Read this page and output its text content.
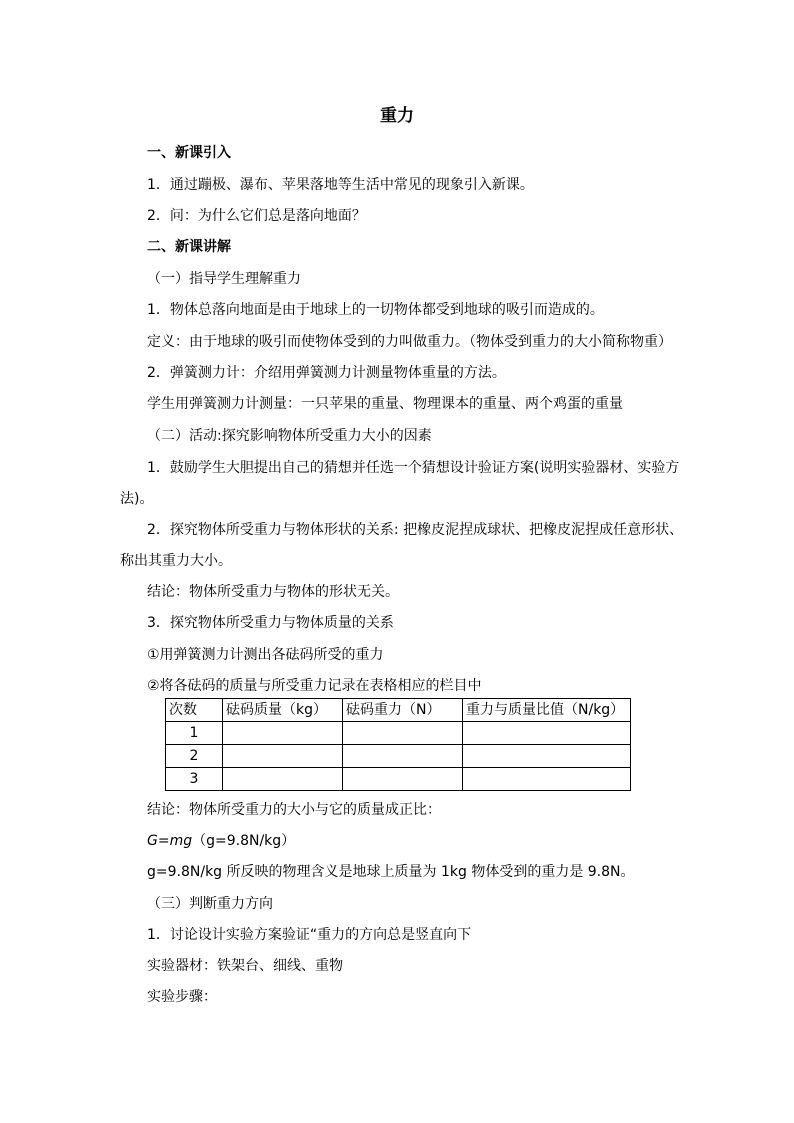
重力
一、新课引入
1．通过蹦极、瀑布、苹果落地等生活中常见的现象引入新课。
2．问：为什么它们总是落向地面？
二、新课讲解
（一）指导学生理解重力
1．物体总落向地面是由于地球上的一切物体都受到地球的吸引而造成的。
定义：由于地球的吸引而使物体受到的力叫做重力。（物体受到重力的大小简称物重）
2．弹簧测力计：介绍用弹簧测力计测量物体重量的方法。
学生用弹簧测力计测量：一只苹果的重量、物理课本的重量、两个鸡蛋的重量
（二）活动:探究影响物体所受重力大小的因素
1．鼓励学生大胆提出自己的猜想并任选一个猜想设计验证方案(说明实验器材、实验方
法)。
2．探究物体所受重力与物体形状的关系: 把橡皮泥捏成球状、把橡皮泥捏成任意形状、
称出其重力大小。
结论：物体所受重力与物体的形状无关。
3．探究物体所受重力与物体质量的关系
①用弹簧测力计测出各砝码所受的重力
②将各砝码的质量与所受重力记录在表格相应的栏目中
次数	砝码质量（kg）	砝码重力（N）	重力与质量比值（N/kg）
1			
2			
3			
结论：物体所受重力的大小与它的质量成正比：
G=mg（g=9.8N/kg）
g=9.8N/kg 所反映的物理含义是地球上质量为 1kg 物体受到的重力是 9.8N。
（三）判断重力方向
1．讨论设计实验方案验证“重力的方向总是竖直向下
实验器材：铁架台、细线、重物
实验步骤：
